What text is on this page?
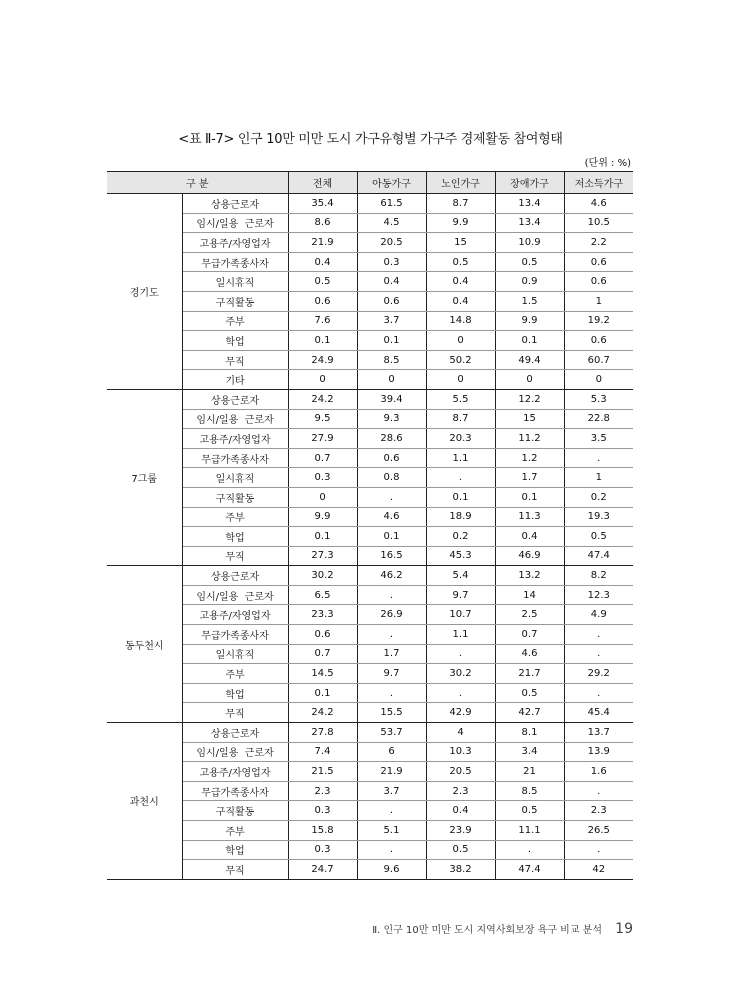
<표 Ⅱ-7> 인구 10만 미만 도시 가구유형별 가구주 경제활동 참여형태
(단위 : %)
구 분		전체	아동가구	노인가구	장애가구	저소득가구
경기도	상용근로자	35.4	61.5	8.7	13.4	4.6
	임시/일용  근로자	8.6	4.5	9.9	13.4	10.5
	고용주/자영업자	21.9	20.5	15	10.9	2.2
	무급가족종사자	0.4	0.3	0.5	0.5	0.6
	일시휴직	0.5	0.4	0.4	0.9	0.6
	구직활동	0.6	0.6	0.4	1.5	1
	주부	7.6	3.7	14.8	9.9	19.2
	학업	0.1	0.1	0	0.1	0.6
	무직	24.9	8.5	50.2	49.4	60.7
	기타	0	0	0	0	0
7그룹	상용근로자	24.2	39.4	5.5	12.2	5.3
	임시/일용  근로자	9.5	9.3	8.7	15	22.8
	고용주/자영업자	27.9	28.6	20.3	11.2	3.5
	무급가족종사자	0.7	0.6	1.1	1.2	.
	일시휴직	0.3	0.8	.	1.7	1
	구직활동	0	.	0.1	0.1	0.2
	주부	9.9	4.6	18.9	11.3	19.3
	학업	0.1	0.1	0.2	0.4	0.5
	무직	27.3	16.5	45.3	46.9	47.4
동두천시	상용근로자	30.2	46.2	5.4	13.2	8.2
	임시/일용  근로자	6.5	.	9.7	14	12.3
	고용주/자영업자	23.3	26.9	10.7	2.5	4.9
	무급가족종사자	0.6	.	1.1	0.7	.
	일시휴직	0.7	1.7	.	4.6	.
	주부	14.5	9.7	30.2	21.7	29.2
	학업	0.1	.	.	0.5	.
	무직	24.2	15.5	42.9	42.7	45.4
과천시	상용근로자	27.8	53.7	4	8.1	13.7
	임시/일용  근로자	7.4	6	10.3	3.4	13.9
	고용주/자영업자	21.5	21.9	20.5	21	1.6
	무급가족종사자	2.3	3.7	2.3	8.5	.
	구직활동	0.3	.	0.4	0.5	2.3
	주부	15.8	5.1	23.9	11.1	26.5
	학업	0.3	.	0.5	.	.
	무직	24.7	9.6	38.2	47.4	42
Ⅱ. 인구 10만 미만 도시 지역사회보장 욕구 비교 분석 19
